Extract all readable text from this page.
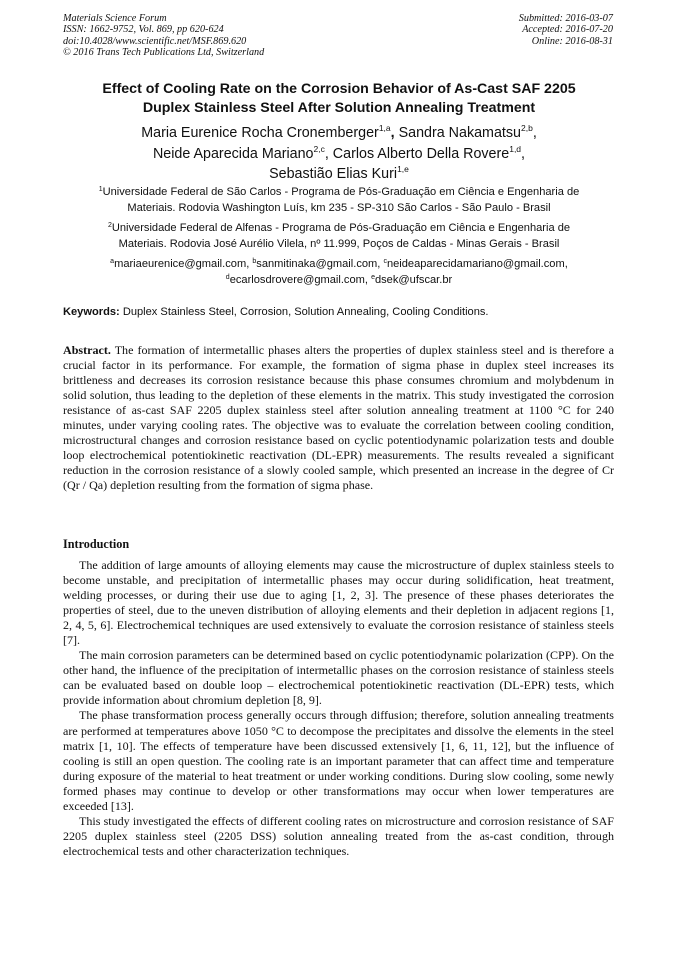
Materials Science Forum
ISSN: 1662-9752, Vol. 869, pp 620-624
doi:10.4028/www.scientific.net/MSF.869.620
© 2016 Trans Tech Publications Ltd, Switzerland
Submitted: 2016-03-07
Accepted: 2016-07-20
Online: 2016-08-31
Effect of Cooling Rate on the Corrosion Behavior of As-Cast SAF 2205
Duplex Stainless Steel After Solution Annealing Treatment
Maria Eurenice Rocha Cronemberger$^{1,a}$, Sandra Nakamatsu$^{2,b}$,
Neide Aparecida Mariano$^{2,c}$, Carlos Alberto Della Rovere$^{1,d}$,
Sebastião Elias Kuri$^{1,e}$
$^1$Universidade Federal de São Carlos - Programa de Pós-Graduação em Ciência e Engenharia de
Materiais. Rodovia Washington Luís, km 235 - SP-310 São Carlos - São Paulo - Brasil
$^2$Universidade Federal de Alfenas - Programa de Pós-Graduação em Ciência e Engenharia de
Materiais. Rodovia José Aurélio Vilela, nº 11.999, Poços de Caldas - Minas Gerais - Brasil
$^a$mariaeurenice@gmail.com, $^b$sanmitinaka@gmail.com, $^c$neideaparecidamariano@gmail.com,
$^d$ecarlosdrovere@gmail.com, $^e$dsek@ufscar.br
Keywords: Duplex Stainless Steel, Corrosion, Solution Annealing, Cooling Conditions.
Abstract. The formation of intermetallic phases alters the properties of duplex stainless steel and is therefore a crucial factor in its performance. For example, the formation of sigma phase in duplex steel increases its brittleness and decreases its corrosion resistance because this phase consumes chromium and molybdenum in solid solution, thus leading to the depletion of these elements in the matrix. This study investigated the corrosion resistance of as-cast SAF 2205 duplex stainless steel after solution annealing treatment at 1100 °C for 240 minutes, under varying cooling rates. The objective was to evaluate the correlation between cooling condition, microstructural changes and corrosion resistance based on cyclic potentiodynamic polarization tests and double loop electrochemical potentiokinetic reactivation (DL-EPR) measurements. The results revealed a significant reduction in the corrosion resistance of a slowly cooled sample, which presented an increase in the degree of Cr (Qr / Qa) depletion resulting from the formation of sigma phase.
Introduction

The addition of large amounts of alloying elements may cause the microstructure of duplex stainless steels to become unstable, and precipitation of intermetallic phases may occur during solidification, heat treatment, welding processes, or during their use due to aging [1, 2, 3]. The presence of these phases deteriorates the properties of steel, due to the uneven distribution of alloying elements and their depletion in adjacent regions [1, 2, 4, 5, 6]. Electrochemical techniques are used extensively to evaluate the corrosion resistance of stainless steels [7].

The main corrosion parameters can be determined based on cyclic potentiodynamic polarization (CPP). On the other hand, the influence of the precipitation of intermetallic phases on the corrosion resistance of stainless steels can be evaluated based on double loop – electrochemical potentiokinetic reactivation (DL-EPR) tests, which provide information about chromium depletion [8, 9].

The phase transformation process generally occurs through diffusion; therefore, solution annealing treatments are performed at temperatures above 1050 °C to decompose the precipitates and dissolve the elements in the steel matrix [1, 10]. The effects of temperature have been discussed extensively [1, 6, 11, 12], but the influence of cooling is still an open question. The cooling rate is an important parameter that can affect time and temperature during exposure of the material to heat treatment or under working conditions. During slow cooling, some newly formed phases may continue to develop or other transformations may occur when lower temperatures are exceeded [13].

This study investigated the effects of different cooling rates on microstructure and corrosion resistance of SAF 2205 duplex stainless steel (2205 DSS) solution annealing treated from the as-cast condition, through electrochemical tests and other characterization techniques.
